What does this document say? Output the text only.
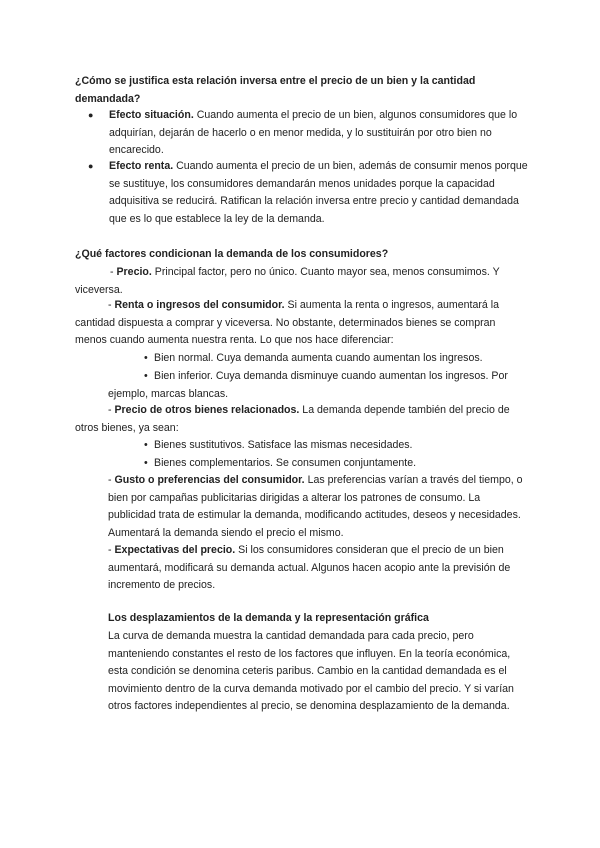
¿Cómo se justifica esta relación inversa entre el precio de un bien y la cantidad demandada?

● Efecto situación. Cuando aumenta el precio de un bien, algunos consumidores que lo adquirían, dejarán de hacerlo o en menor medida, y lo sustituirán por otro bien no encarecido.

● Efecto renta. Cuando aumenta el precio de un bien, además de consumir menos porque se sustituye, los consumidores demandarán menos unidades porque la capacidad adquisitiva se reducirá. Ratifican la relación inversa entre precio y cantidad demandada que es lo que establece la ley de la demanda.

¿Qué factores condicionan la demanda de los consumidores?

- Precio. Principal factor, pero no único. Cuanto mayor sea, menos consumimos. Y viceversa.

- Renta o ingresos del consumidor. Si aumenta la renta o ingresos, aumentará la cantidad dispuesta a comprar y viceversa. No obstante, determinados bienes se compran menos cuando aumenta nuestra renta. Lo que nos hace diferenciar:

• Bien normal. Cuya demanda aumenta cuando aumentan los ingresos.

• Bien inferior. Cuya demanda disminuye cuando aumentan los ingresos. Por ejemplo, marcas blancas.

- Precio de otros bienes relacionados. La demanda depende también del precio de otros bienes, ya sean:

• Bienes sustitutivos. Satisface las mismas necesidades.

• Bienes complementarios. Se consumen conjuntamente.

- Gusto o preferencias del consumidor. Las preferencias varían a través del tiempo, o bien por campañas publicitarias dirigidas a alterar los patrones de consumo. La publicidad trata de estimular la demanda, modificando actitudes, deseos y necesidades. Aumentará la demanda siendo el precio el mismo.

- Expectativas del precio. Si los consumidores consideran que el precio de un bien aumentará, modificará su demanda actual. Algunos hacen acopio ante la previsión de incremento de precios.

Los desplazamientos de la demanda y la representación gráfica

La curva de demanda muestra la cantidad demandada para cada precio, pero manteniendo constantes el resto de los factores que influyen. En la teoría económica, esta condición se denomina ceteris paribus. Cambio en la cantidad demandada es el movimiento dentro de la curva demanda motivado por el cambio del precio. Y si varían otros factores independientes al precio, se denomina desplazamiento de la demanda.
